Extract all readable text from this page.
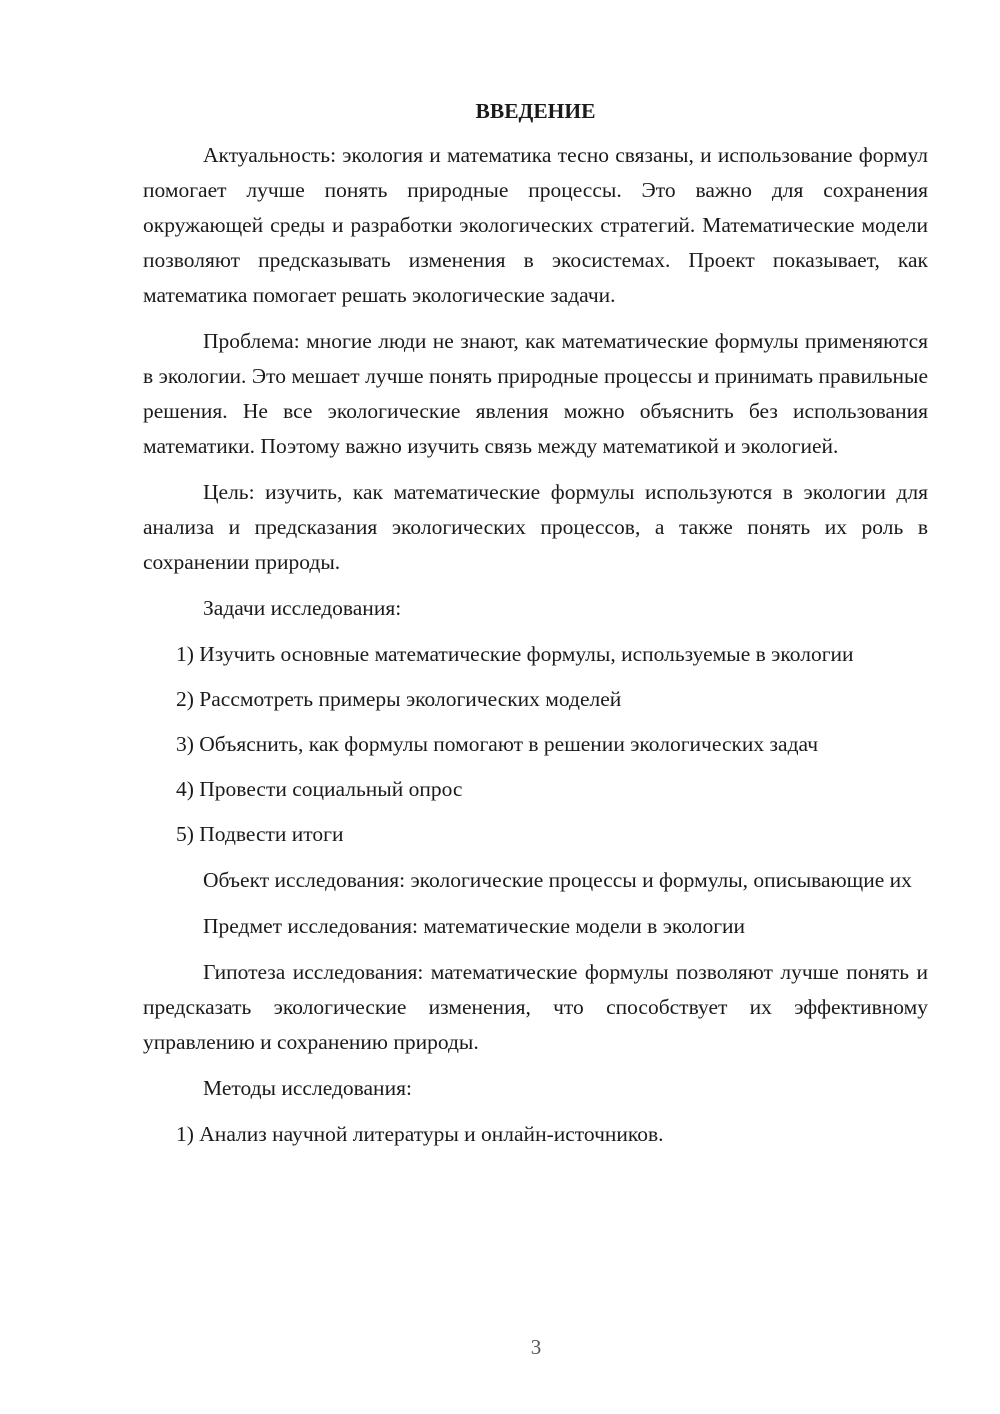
ВВЕДЕНИЕ

Актуальность: экология и математика тесно связаны, и использование формул помогает лучше понять природные процессы. Это важно для сохранения окружающей среды и разработки экологических стратегий. Математические модели позволяют предсказывать изменения в экосистемах. Проект показывает, как математика помогает решать экологические задачи.

Проблема: многие люди не знают, как математические формулы применяются в экологии. Это мешает лучше понять природные процессы и принимать правильные решения. Не все экологические явления можно объяснить без использования математики. Поэтому важно изучить связь между математикой и экологией.

Цель: изучить, как математические формулы используются в экологии для анализа и предсказания экологических процессов, а также понять их роль в сохранении природы.

Задачи исследования:

1) Изучить основные математические формулы, используемые в экологии

2) Рассмотреть примеры экологических моделей

3) Объяснить, как формулы помогают в решении экологических задач

4) Провести социальный опрос

5) Подвести итоги

Объект исследования: экологические процессы и формулы, описывающие их

Предмет исследования: математические модели в экологии

Гипотеза исследования: математические формулы позволяют лучше понять и предсказать экологические изменения, что способствует их эффективному управлению и сохранению природы.

Методы исследования:

1) Анализ научной литературы и онлайн-источников.

3
